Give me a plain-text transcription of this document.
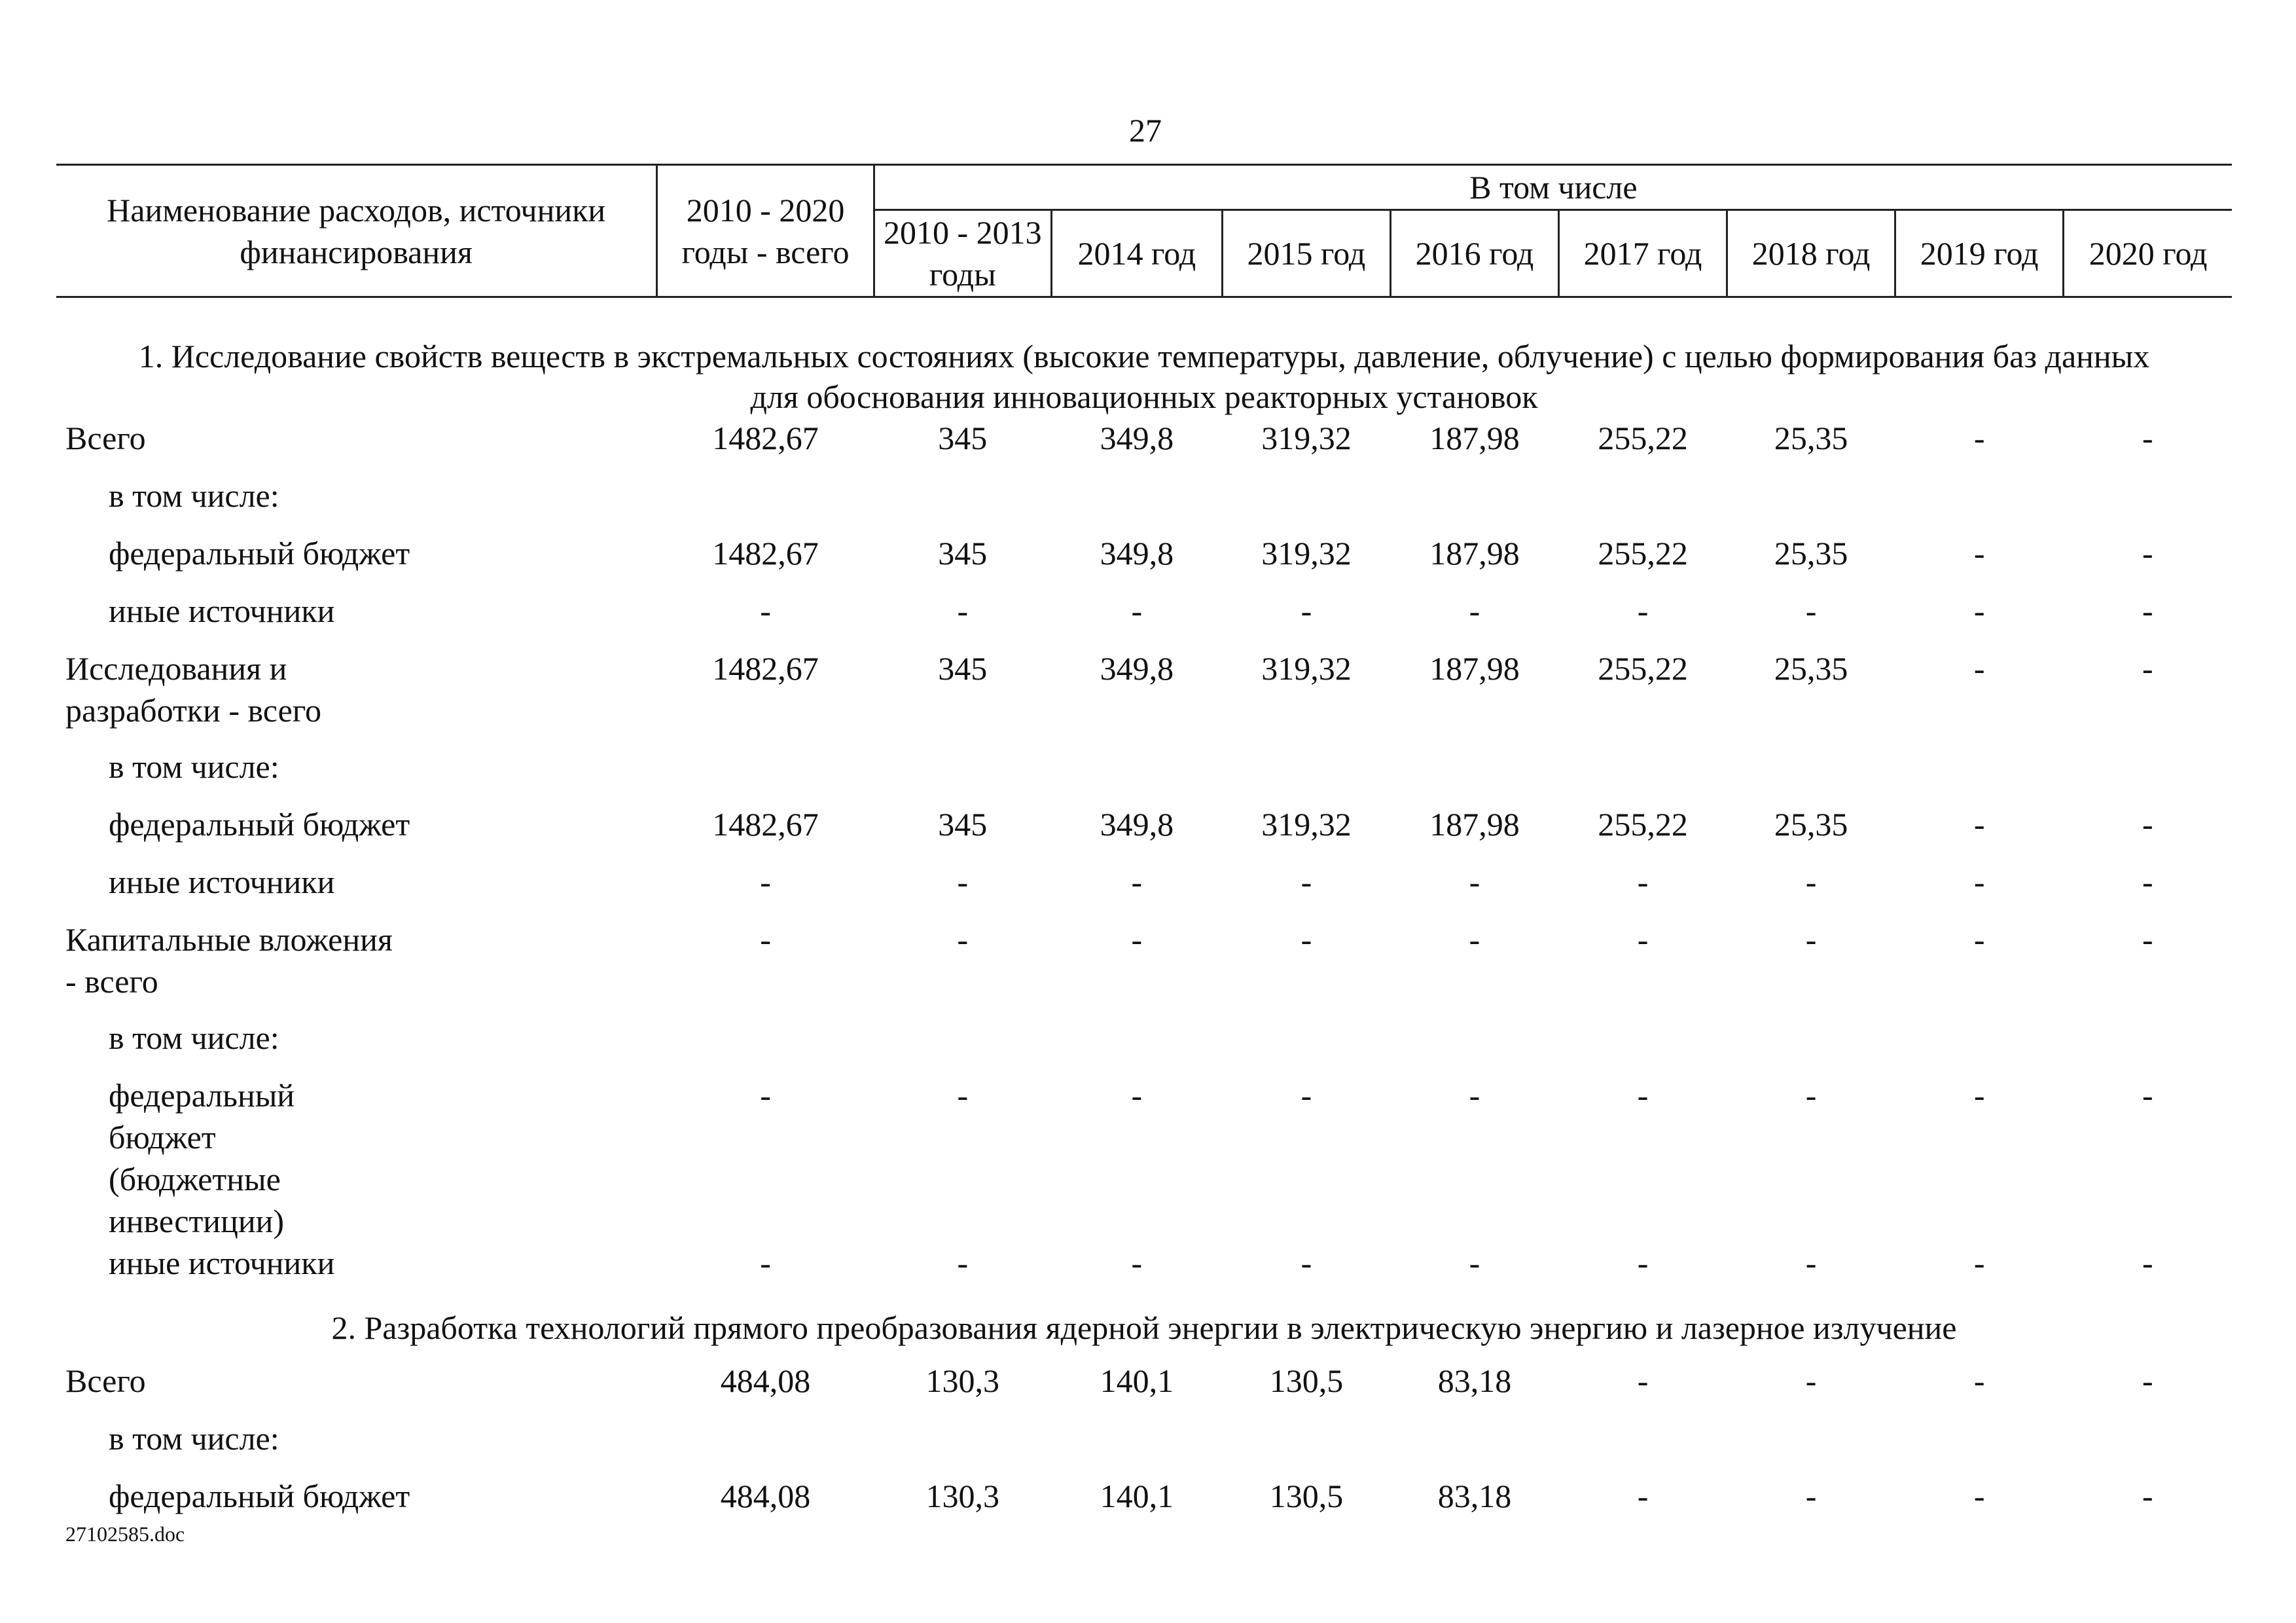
27
Наименование расходов, источники финансирования	2010 - 2020 годы - всего	В том числе							
		2010 - 2013 годы	2014 год	2015 год	2016 год	2017 год	2018 год	2019 год	2020 год
1. Исследование свойств веществ в экстремальных состояниях (высокие температуры, давление, облучение) с целью формирования баз данных для обоснования инновационных реакторных установок									
Всего	1482,67	345	349,8	319,32	187,98	255,22	25,35	-	-
в том числе:									
федеральный бюджет	1482,67	345	349,8	319,32	187,98	255,22	25,35	-	-
иные источники	-	-	-	-	-	-	-	-	-
Исследования и разработки - всего	1482,67	345	349,8	319,32	187,98	255,22	25,35	-	-
в том числе:									
федеральный бюджет	1482,67	345	349,8	319,32	187,98	255,22	25,35	-	-
иные источники	-	-	-	-	-	-	-	-	-
Капитальные вложения - всего	-	-	-	-	-	-	-	-	-
в том числе:									
федеральный бюджет (бюджетные инвестиции)	-	-	-	-	-	-	-	-	-
иные источники	-	-	-	-	-	-	-	-	-
2. Разработка технологий прямого преобразования ядерной энергии в электрическую энергию и лазерное излучение									
Всего	484,08	130,3	140,1	130,5	83,18	-	-	-	-
в том числе:									
федеральный бюджет	484,08	130,3	140,1	130,5	83,18	-	-	-	-
27102585.doc
